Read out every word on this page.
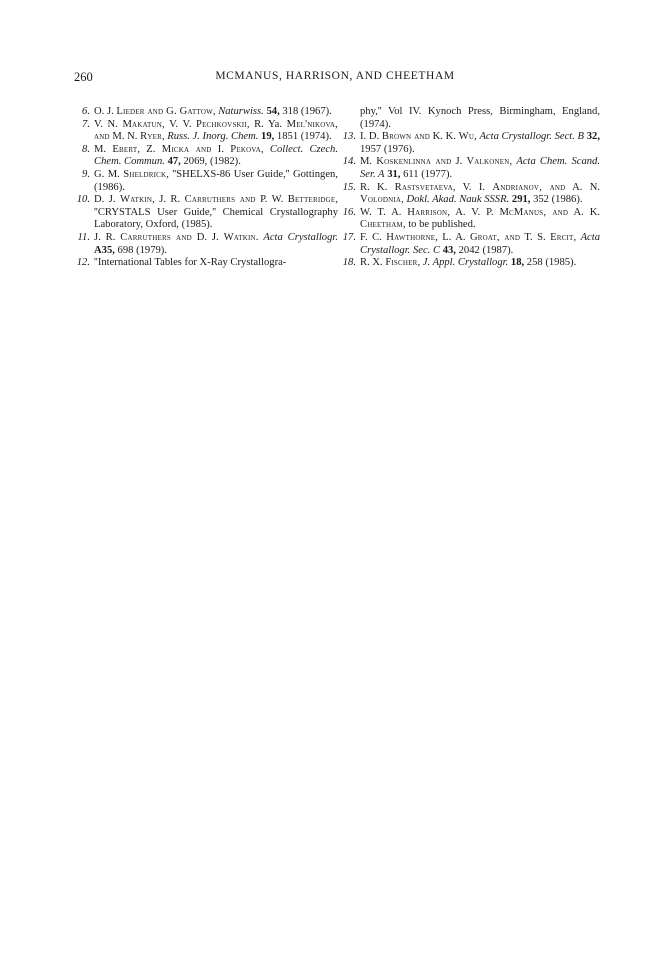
260	MCMANUS, HARRISON, AND CHEETHAM
6. O. J. Lieder and G. Gattow, Naturwiss. 54, 318 (1967).
7. V. N. Makatun, V. V. Pechkovskii, R. Ya. Mel'nikova, and M. N. Ryer, Russ. J. Inorg. Chem. 19, 1851 (1974).
8. M. Ebert, Z. Micka and I. Pekova, Collect. Czech. Chem. Commun. 47, 2069, (1982).
9. G. M. Sheldrick, ''SHELXS-86 User Guide,'' Gottingen, (1986).
10. D. J. Watkin, J. R. Carruthers and P. W. Betteridge, ''CRYSTALS User Guide,'' Chemical Crystallography Laboratory, Oxford, (1985).
11. J. R. Carruthers and D. J. Watkin. Acta Crystallogr. A35, 698 (1979).
12. ''International Tables for X-Ray Crystallogra-
phy,'' Vol IV. Kynoch Press, Birmingham, England, (1974).
13. I. D. Brown and K. K. Wu, Acta Crystallogr. Sect. B 32, 1957 (1976).
14. M. Koskenlinna and J. Valkonen, Acta Chem. Scand. Ser. A 31, 611 (1977).
15. R. K. Rastsvetaeva, V. I. Andrianov, and A. N. Volodnia, Dokl. Akad. Nauk SSSR. 291, 352 (1986).
16. W. T. A. Harrison, A. V. P. McManus, and A. K. Cheetham, to be published.
17. F. C. Hawthorne, L. A. Groat, and T. S. Ercit, Acta Crystallogr. Sec. C 43, 2042 (1987).
18. R. X. Fischer, J. Appl. Crystallogr. 18, 258 (1985).
